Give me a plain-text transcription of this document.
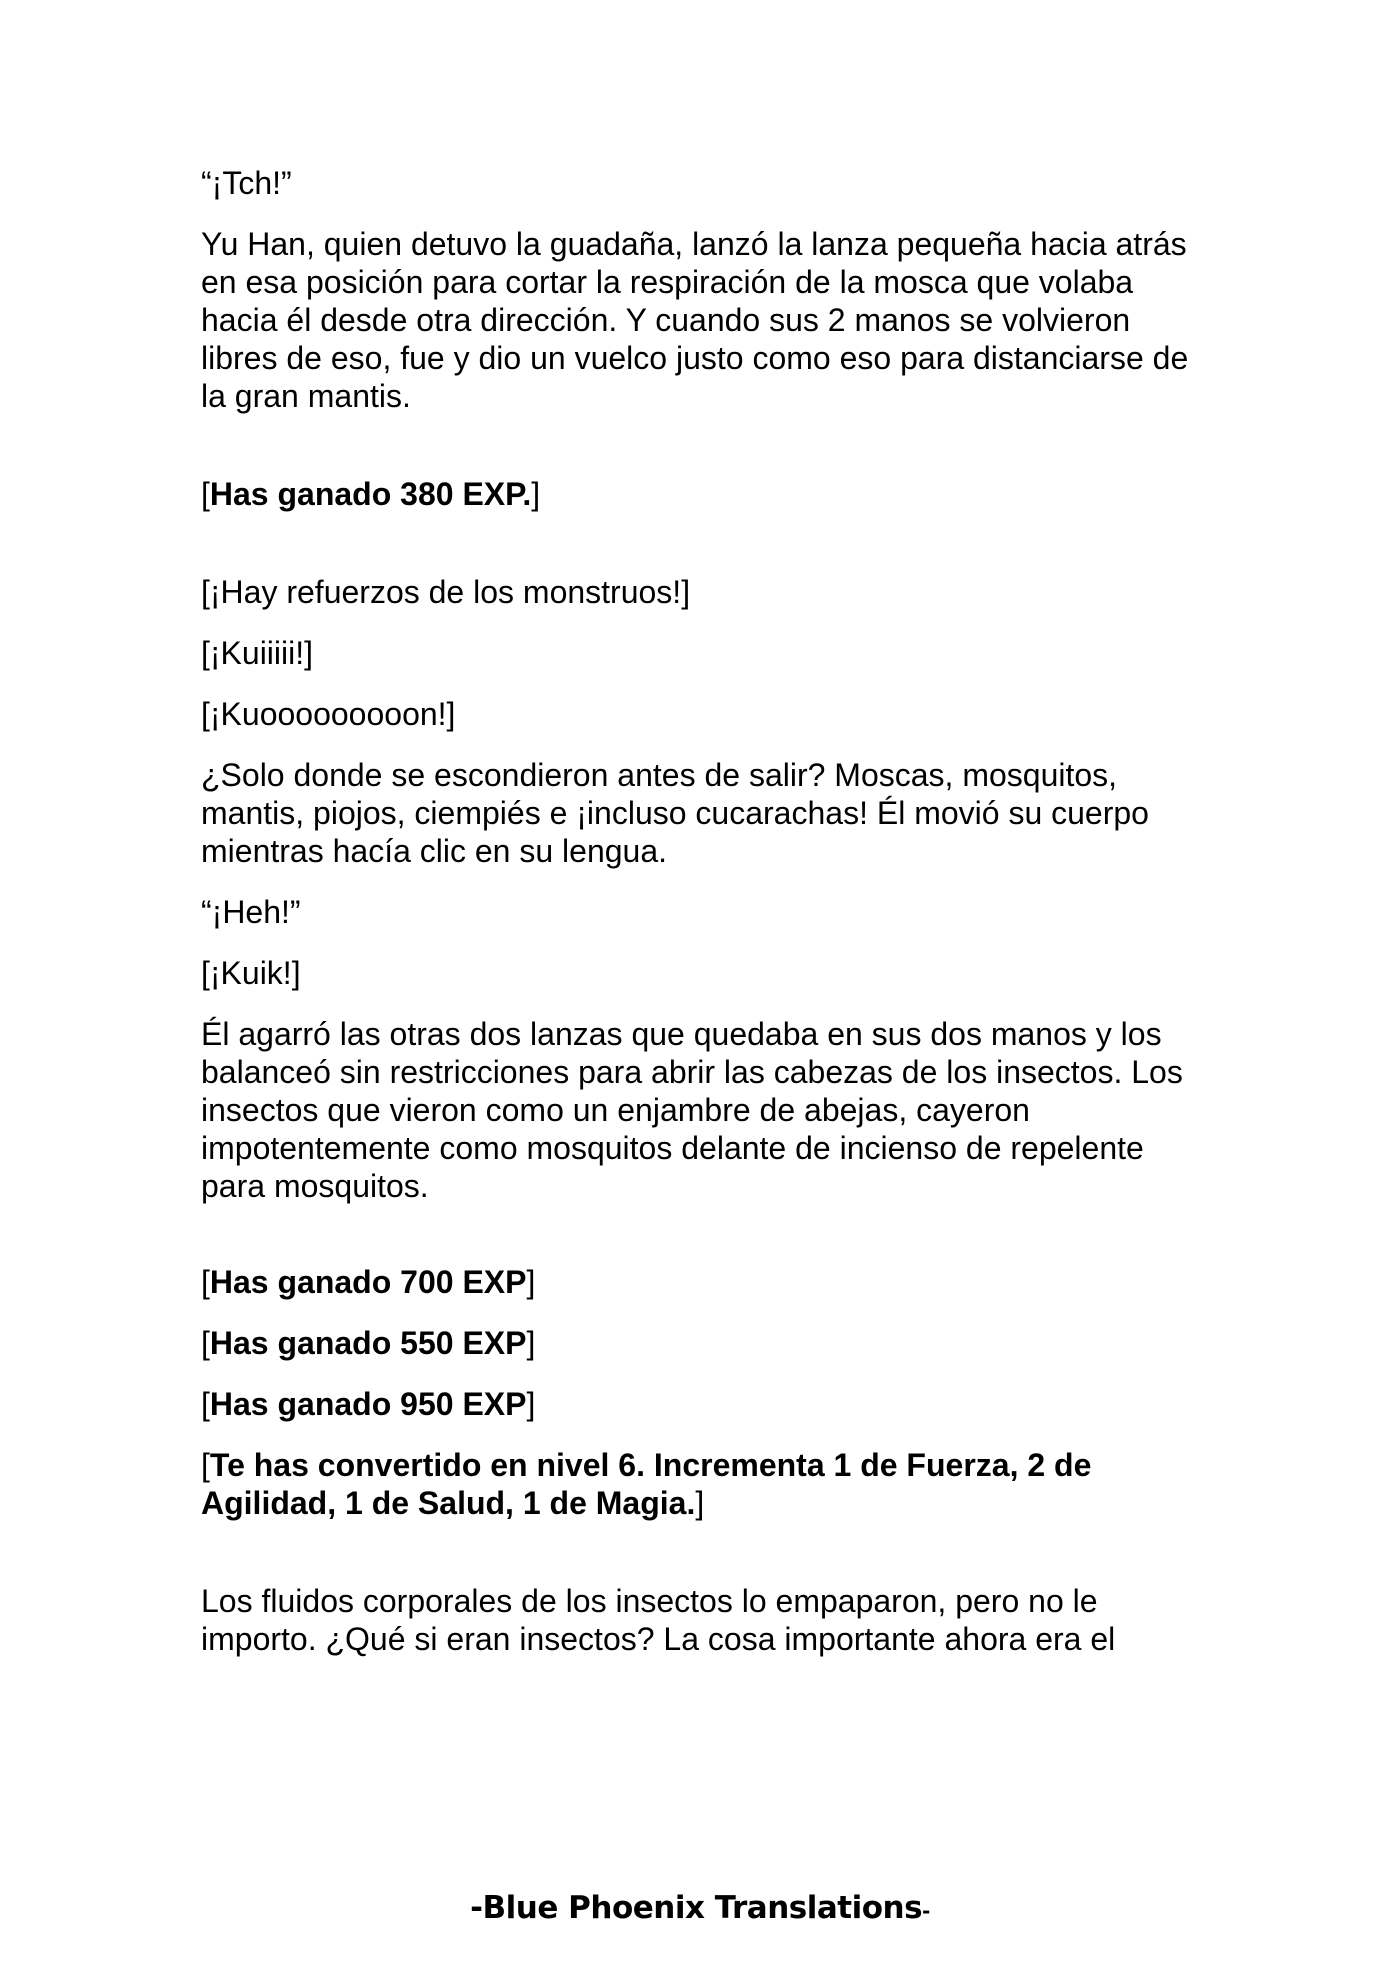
“¡Tch!”

Yu Han, quien detuvo la guadaña, lanzó la lanza pequeña hacia atrás en esa posición para cortar la respiración de la mosca que volaba hacia él desde otra dirección. Y cuando sus 2 manos se volvieron libres de eso, fue y dio un vuelco justo como eso para distanciarse de la gran mantis.

[Has ganado 380 EXP.]

[¡Hay refuerzos de los monstruos!]

[¡Kuiiiii!]

[¡Kuooooooooon!]

¿Solo donde se escondieron antes de salir? Moscas, mosquitos, mantis, piojos, ciempiés e ¡incluso cucarachas! Él movió su cuerpo mientras hacía clic en su lengua.

“¡Heh!”

[¡Kuik!]

Él agarró las otras dos lanzas que quedaba en sus dos manos y los balanceó sin restricciones para abrir las cabezas de los insectos. Los insectos que vieron como un enjambre de abejas, cayeron impotentemente como mosquitos delante de incienso de repelente para mosquitos.

[Has ganado 700 EXP]

[Has ganado 550 EXP]

[Has ganado 950 EXP]

[Te has convertido en nivel 6. Incrementa 1 de Fuerza, 2 de Agilidad, 1 de Salud, 1 de Magia.]

Los fluidos corporales de los insectos lo empaparon, pero no le importo. ¿Qué si eran insectos? La cosa importante ahora era el

-Blue Phoenix Translations-
